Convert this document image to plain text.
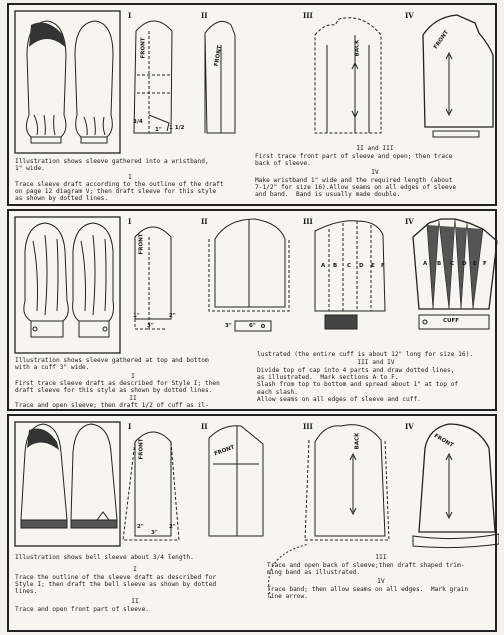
I	II	III	IV
FRONT	FRONT	BACK	FRONT
3/4
1" 1 1/2
Illustration shows sleeve gathered into a wristband,
1" wide.
I
Trace sleeve draft according to the outline of the draft
on page 12 diagram V; then draft sleeve for this style
as shown by dotted lines.
II and III
First trace front part of sleeve and open; then trace
back of sleeve.
IV
Make wristband 1" wide and the required length (about
7-1/2" for size 16).Allow seams on all edges of sleeve
and band.  Band is usually made double.
I	II	III	IV
FRONT
A B C D E F	A B C D E F
CUFF
1"
3"
2"
3"	6"
Illustration shows sleeve gathered at top and bottom
with a cuff 3" wide.
I
First trace sleeve draft as described for Style I; then
draft sleeve for this style as shown by dotted lines.
II
Trace and open sleeve; then draft 1/2 of cuff as il-
lustrated (the entire cuff is about 12" long for size 16).
III and IV
Divide top of cap into 4 parts and draw dotted lines,
as illustrated.  Mark sections A to F.
Slash from top to bottom and spread about 1" at top of
each slash.
Allow seams on all edges of sleeve and cuff.
I	II	III	IV
FRONT	FRONT
BACK	FRONT
2"
3"
2"
Illustration shows bell sleeve about 3/4 length.
I
Trace the outline of the sleeve draft as described for
Style I; then draft the bell sleeve as shown by dotted
lines.
II
Trace and open front part of sleeve.
III
Trace and open back of sleeve;then draft shaped trim-
ming band as illustrated.
IV
Trace band; then allow seams on all edges.  Mark grain
line arrow.
